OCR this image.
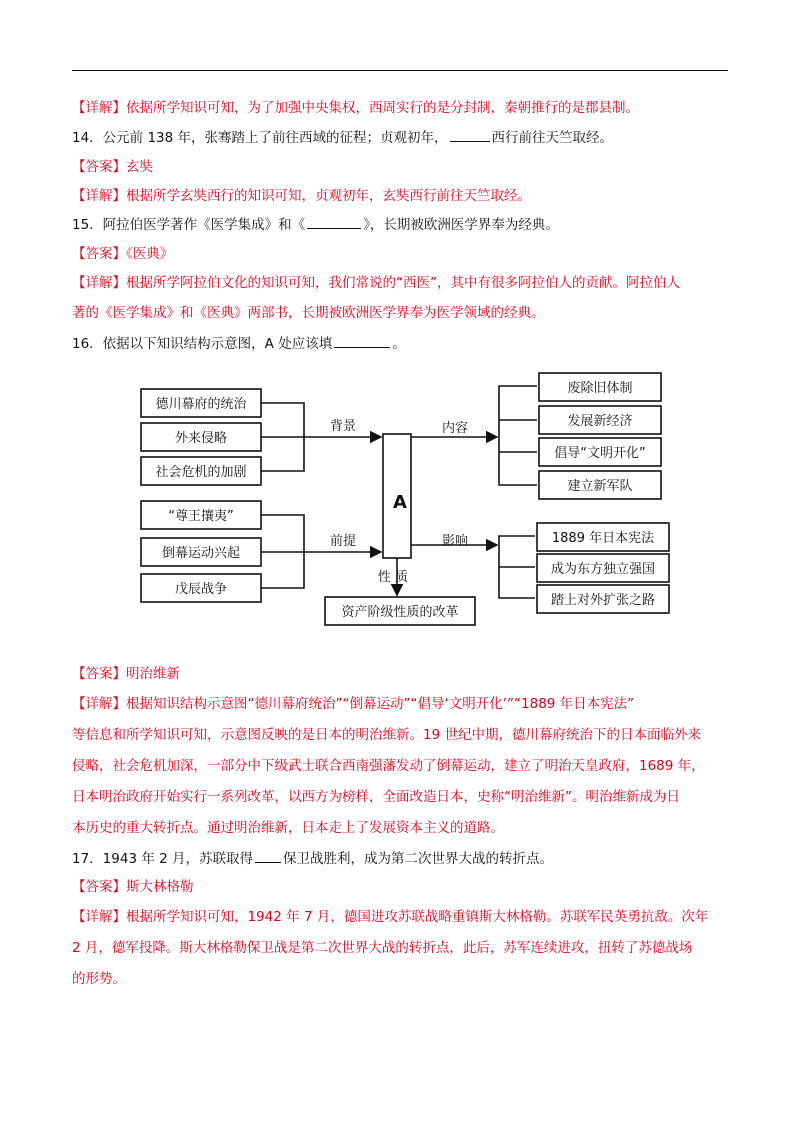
【详解】依据所学知识可知，为了加强中央集权，西周实行的是分封制，秦朝推行的是郡县制。
14．公元前 138 年，张骞踏上了前往西域的征程；贞观初年，	西行前往天竺取经。
【答案】玄奘
【详解】根据所学玄奘西行的知识可知，贞观初年，玄奘西行前往天竺取经。
15．阿拉伯医学著作《医学集成》和《	》，长期被欧洲医学界奉为经典。
【答案】《医典》
【详解】根据所学阿拉伯文化的知识可知，我们常说的“西医”，其中有很多阿拉伯人的贡献。阿拉伯人
著的《医学集成》和《医典》两部书，长期被欧洲医学界奉为医学领域的经典。
16．依据以下知识结构示意图，A 处应该填	。
德川幕府的统治
外来侵略
社会危机的加剧
“尊王攘夷”
倒幕运动兴起
戊辰战争
背景
前提
内容
影响
性 质
A
废除旧体制
发展新经济
倡导“文明开化”
建立新军队
1889 年日本宪法
成为东方独立强国
踏上对外扩张之路
资产阶级性质的改革
【答案】明治维新
【详解】根据知识结构示意图“德川幕府统治”“倒幕运动”“倡导‘文明开化’”“1889 年日本宪法”
等信息和所学知识可知，示意图反映的是日本的明治维新。19 世纪中期，德川幕府统治下的日本面临外来
侵略，社会危机加深，一部分中下级武士联合西南强藩发动了倒幕运动，建立了明治天皇政府，1689 年，
日本明治政府开始实行一系列改革，以西方为榜样，全面改造日本，史称“明治维新”。明治维新成为日
本历史的重大转折点。通过明治维新，日本走上了发展资本主义的道路。
17．1943 年 2 月，苏联取得 保卫战胜利，成为第二次世界大战的转折点。
【答案】斯大林格勒
【详解】根据所学知识可知，1942 年 7 月，德国进攻苏联战略重镇斯大林格勒。苏联军民英勇抗敌。次年
2 月，德军投降。斯大林格勒保卫战是第二次世界大战的转折点，此后，苏军连续进攻，扭转了苏德战场
的形势。
